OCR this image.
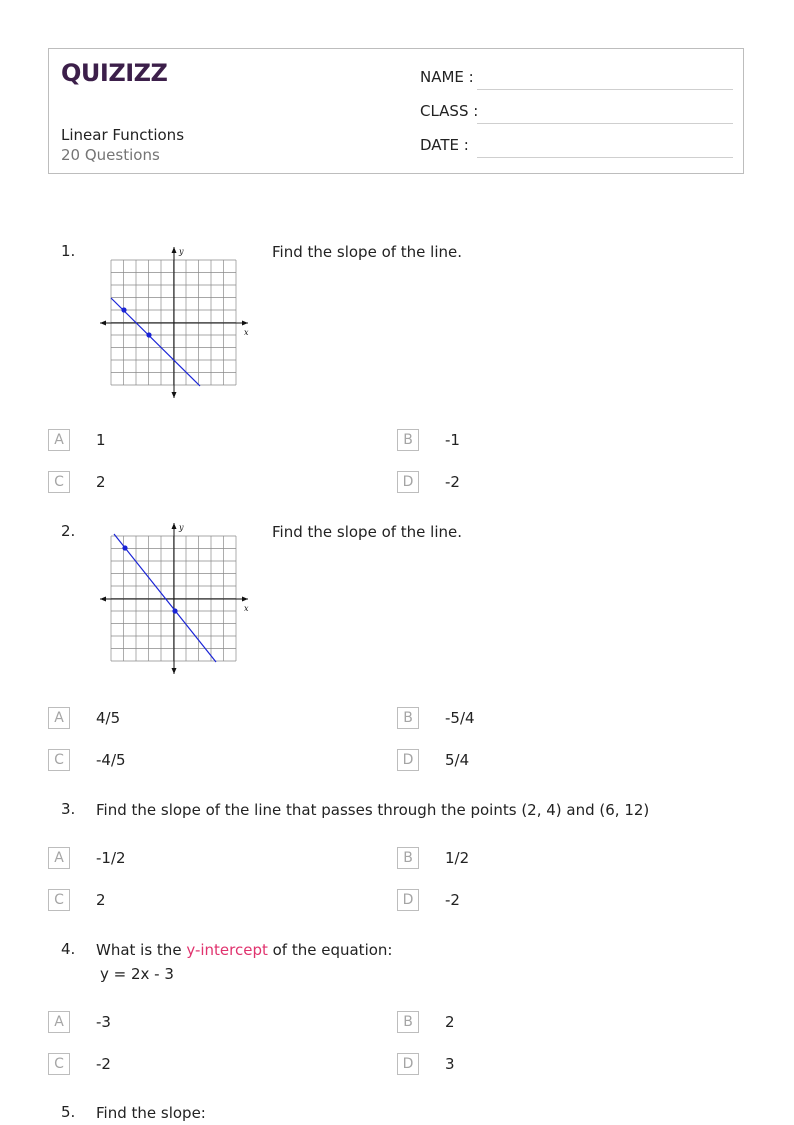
QUIZIZZ
Linear Functions
20 Questions
NAME :
CLASS :
DATE :
1.
x
y	Find the slope of the line.
A	1	B	-1
C	2	D	-2
2.
x
y	Find the slope of the line.
A	4/5	B	-5/4
C	-4/5	D	5/4
3. Find the slope of the line that passes through the points (2, 4) and (6, 12)
A	-1/2	B	1/2
C	2	D	-2
4. What is the y-intercept of the equation:
y = 2x - 3
A	-3	B	2
C	-2	D	3
5. Find the slope:
